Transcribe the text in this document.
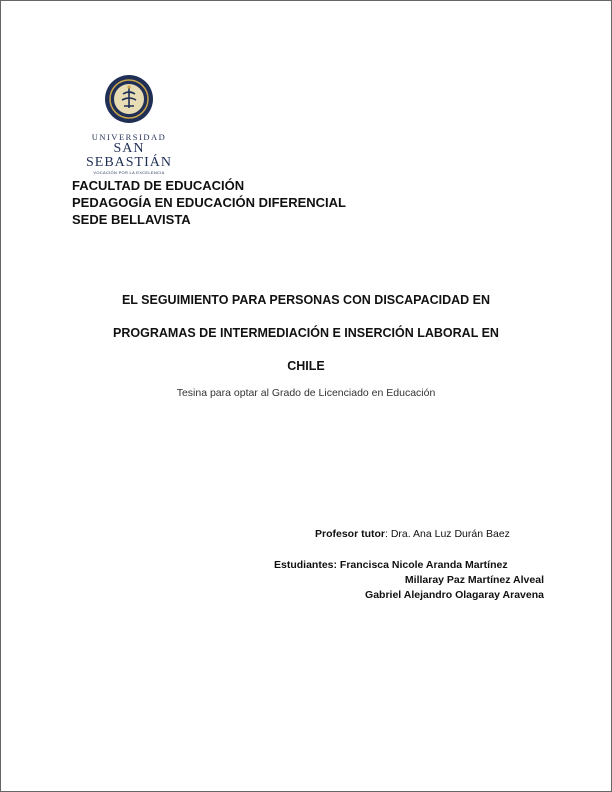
UNIVERSIDAD
SAN SEBASTIÁN
VOCACIÓN POR LA EXCELENCIA
FACULTAD DE EDUCACIÓN
PEDAGOGÍA EN EDUCACIÓN DIFERENCIAL
SEDE BELLAVISTA
EL SEGUIMIENTO PARA PERSONAS CON DISCAPACIDAD EN
PROGRAMAS DE INTERMEDIACIÓN E INSERCIÓN LABORAL EN
CHILE
Tesina para optar al Grado de Licenciado en Educación
Profesor tutor: Dra. Ana Luz Durán Baez
Estudiantes: Francisca Nicole Aranda Martínez
Millaray Paz Martínez Alveal
Gabriel Alejandro Olagaray Aravena
